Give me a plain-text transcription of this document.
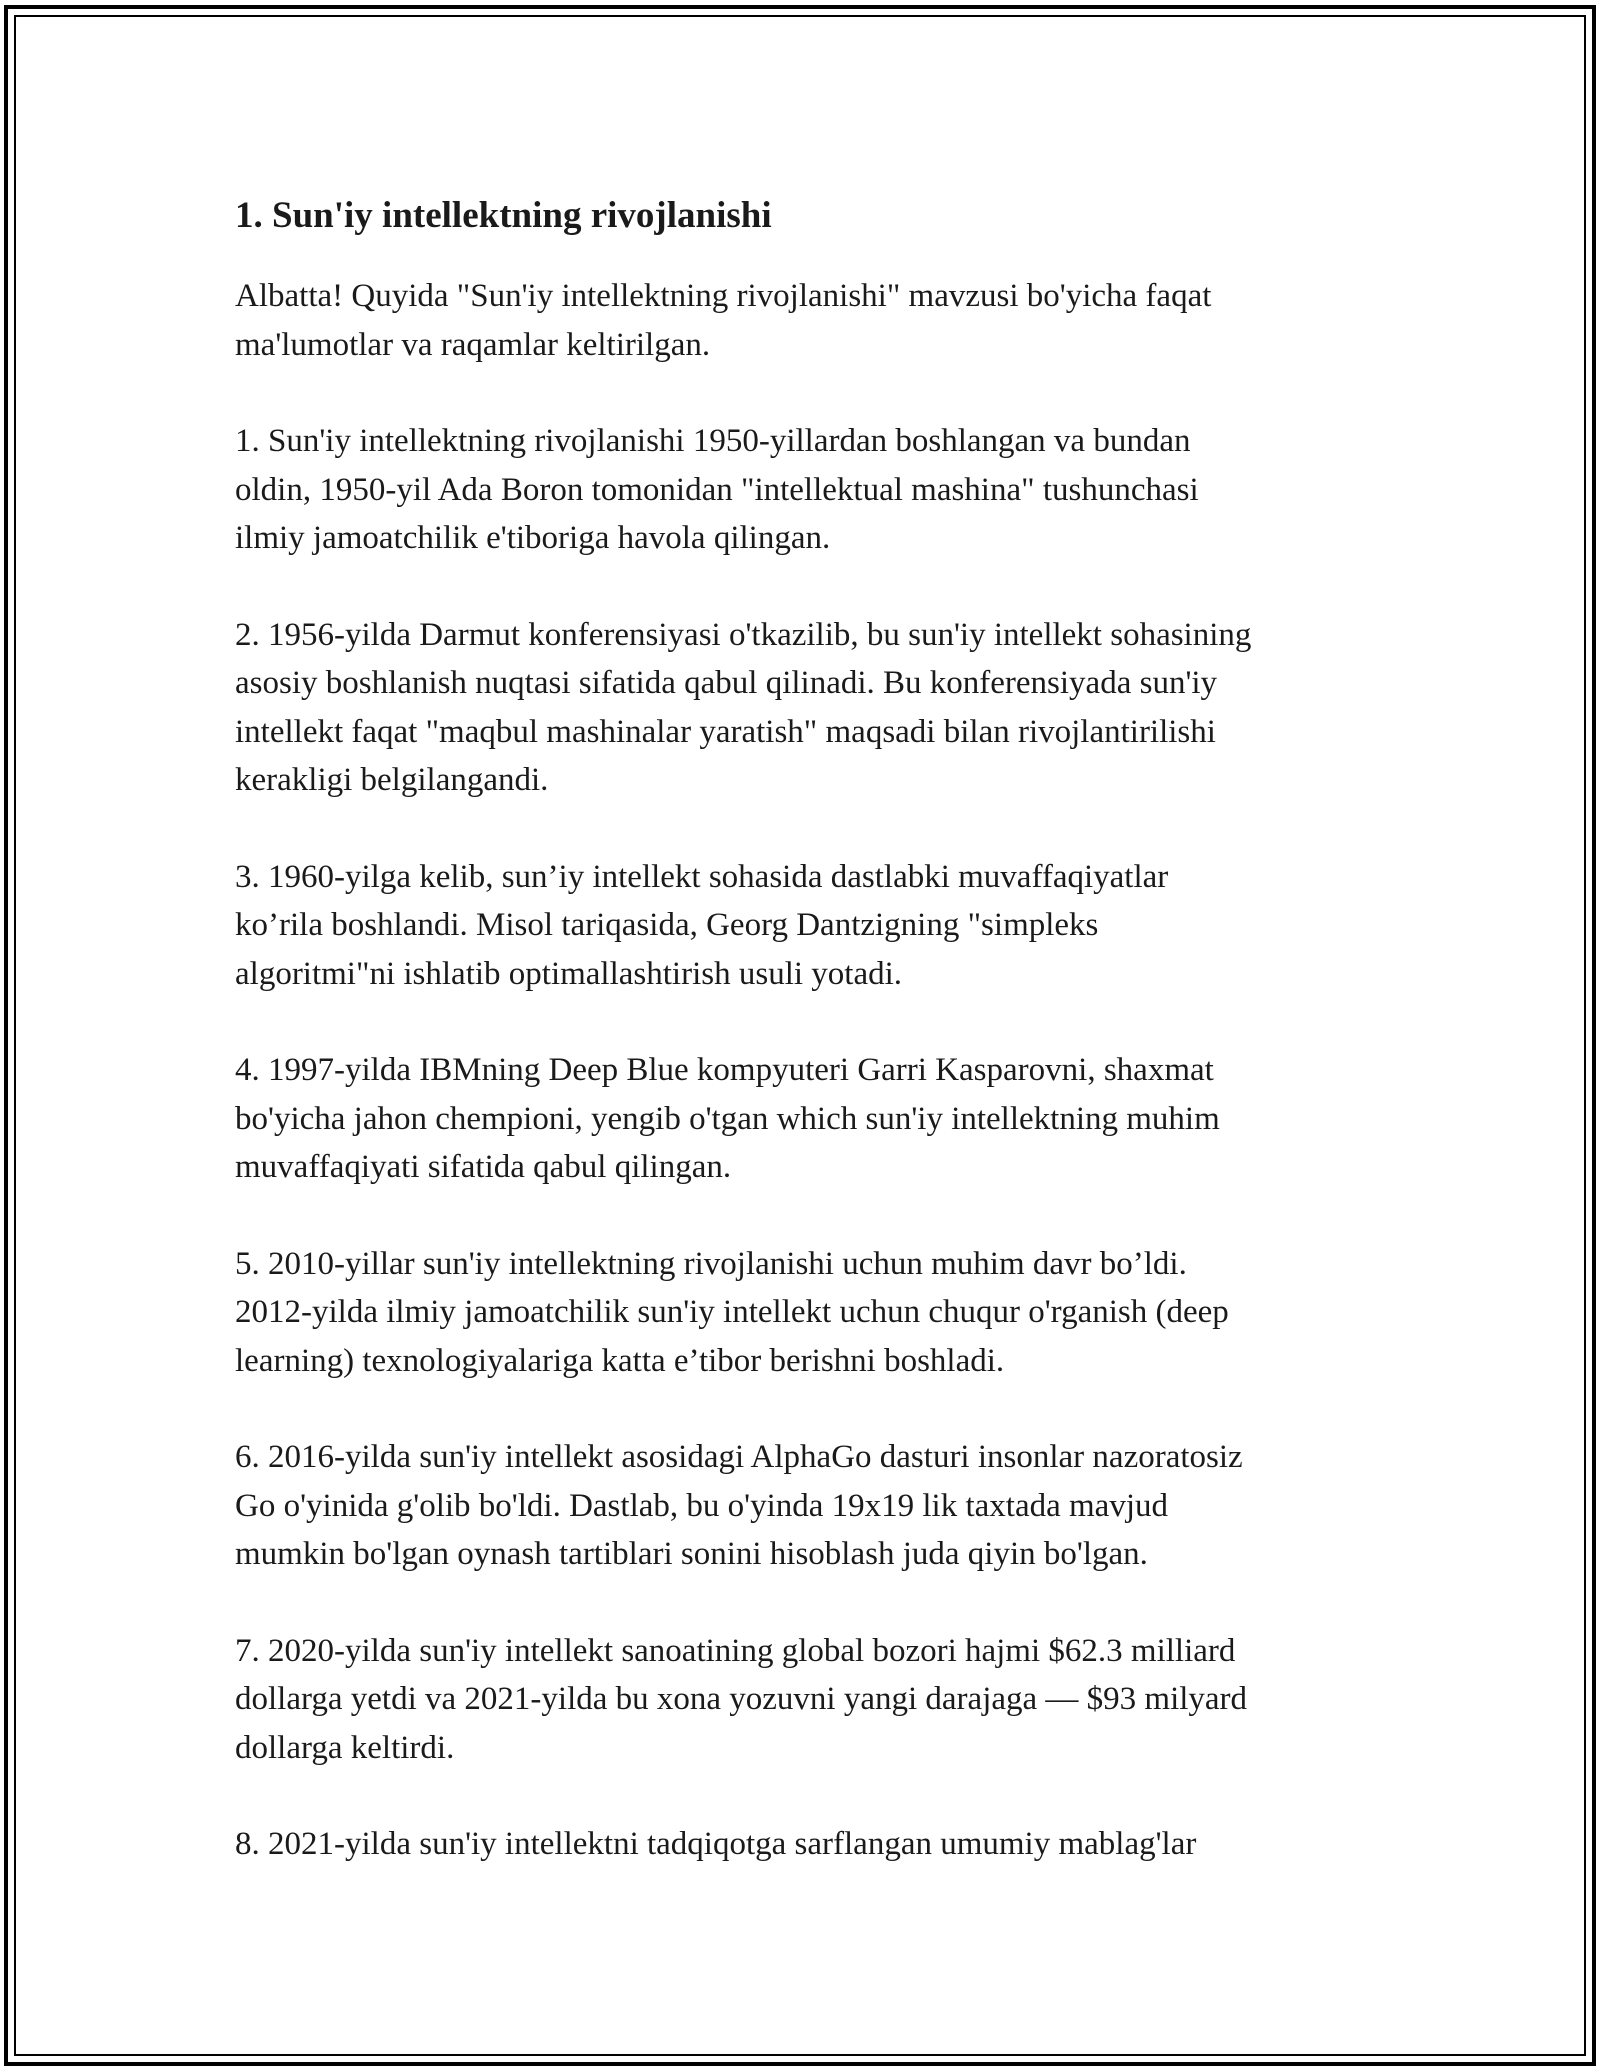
1. Sun'iy intellektning rivojlanishi

Albatta! Quyida "Sun'iy intellektning rivojlanishi" mavzusi bo'yicha faqat
ma'lumotlar va raqamlar keltirilgan.

1. Sun'iy intellektning rivojlanishi 1950-yillardan boshlangan va bundan
oldin, 1950-yil Ada Boron tomonidan "intellektual mashina" tushunchasi
ilmiy jamoatchilik e'tiboriga havola qilingan.

2. 1956-yilda Darmut konferensiyasi o'tkazilib, bu sun'iy intellekt sohasining
asosiy boshlanish nuqtasi sifatida qabul qilinadi. Bu konferensiyada sun'iy
intellekt faqat "maqbul mashinalar yaratish" maqsadi bilan rivojlantirilishi
kerakligi belgilangandi.

3. 1960-yilga kelib, sun’iy intellekt sohasida dastlabki muvaffaqiyatlar
ko’rila boshlandi. Misol tariqasida, Georg Dantzigning "simpleks
algoritmi"ni ishlatib optimallashtirish usuli yotadi.

4. 1997-yilda IBMning Deep Blue kompyuteri Garri Kasparovni, shaxmat
bo'yicha jahon chempioni, yengib o'tgan which sun'iy intellektning muhim
muvaffaqiyati sifatida qabul qilingan.

5. 2010-yillar sun'iy intellektning rivojlanishi uchun muhim davr bo’ldi.
2012-yilda ilmiy jamoatchilik sun'iy intellekt uchun chuqur o'rganish (deep
learning) texnologiyalariga katta e’tibor berishni boshladi.

6. 2016-yilda sun'iy intellekt asosidagi AlphaGo dasturi insonlar nazoratosiz
Go o'yinida g'olib bo'ldi. Dastlab, bu o'yinda 19x19 lik taxtada mavjud
mumkin bo'lgan oynash tartiblari sonini hisoblash juda qiyin bo'lgan.

7. 2020-yilda sun'iy intellekt sanoatining global bozori hajmi $62.3 milliard
dollarga yetdi va 2021-yilda bu xona yozuvni yangi darajaga — $93 milyard
dollarga keltirdi.

8. 2021-yilda sun'iy intellektni tadqiqotga sarflangan umumiy mablag'lar
